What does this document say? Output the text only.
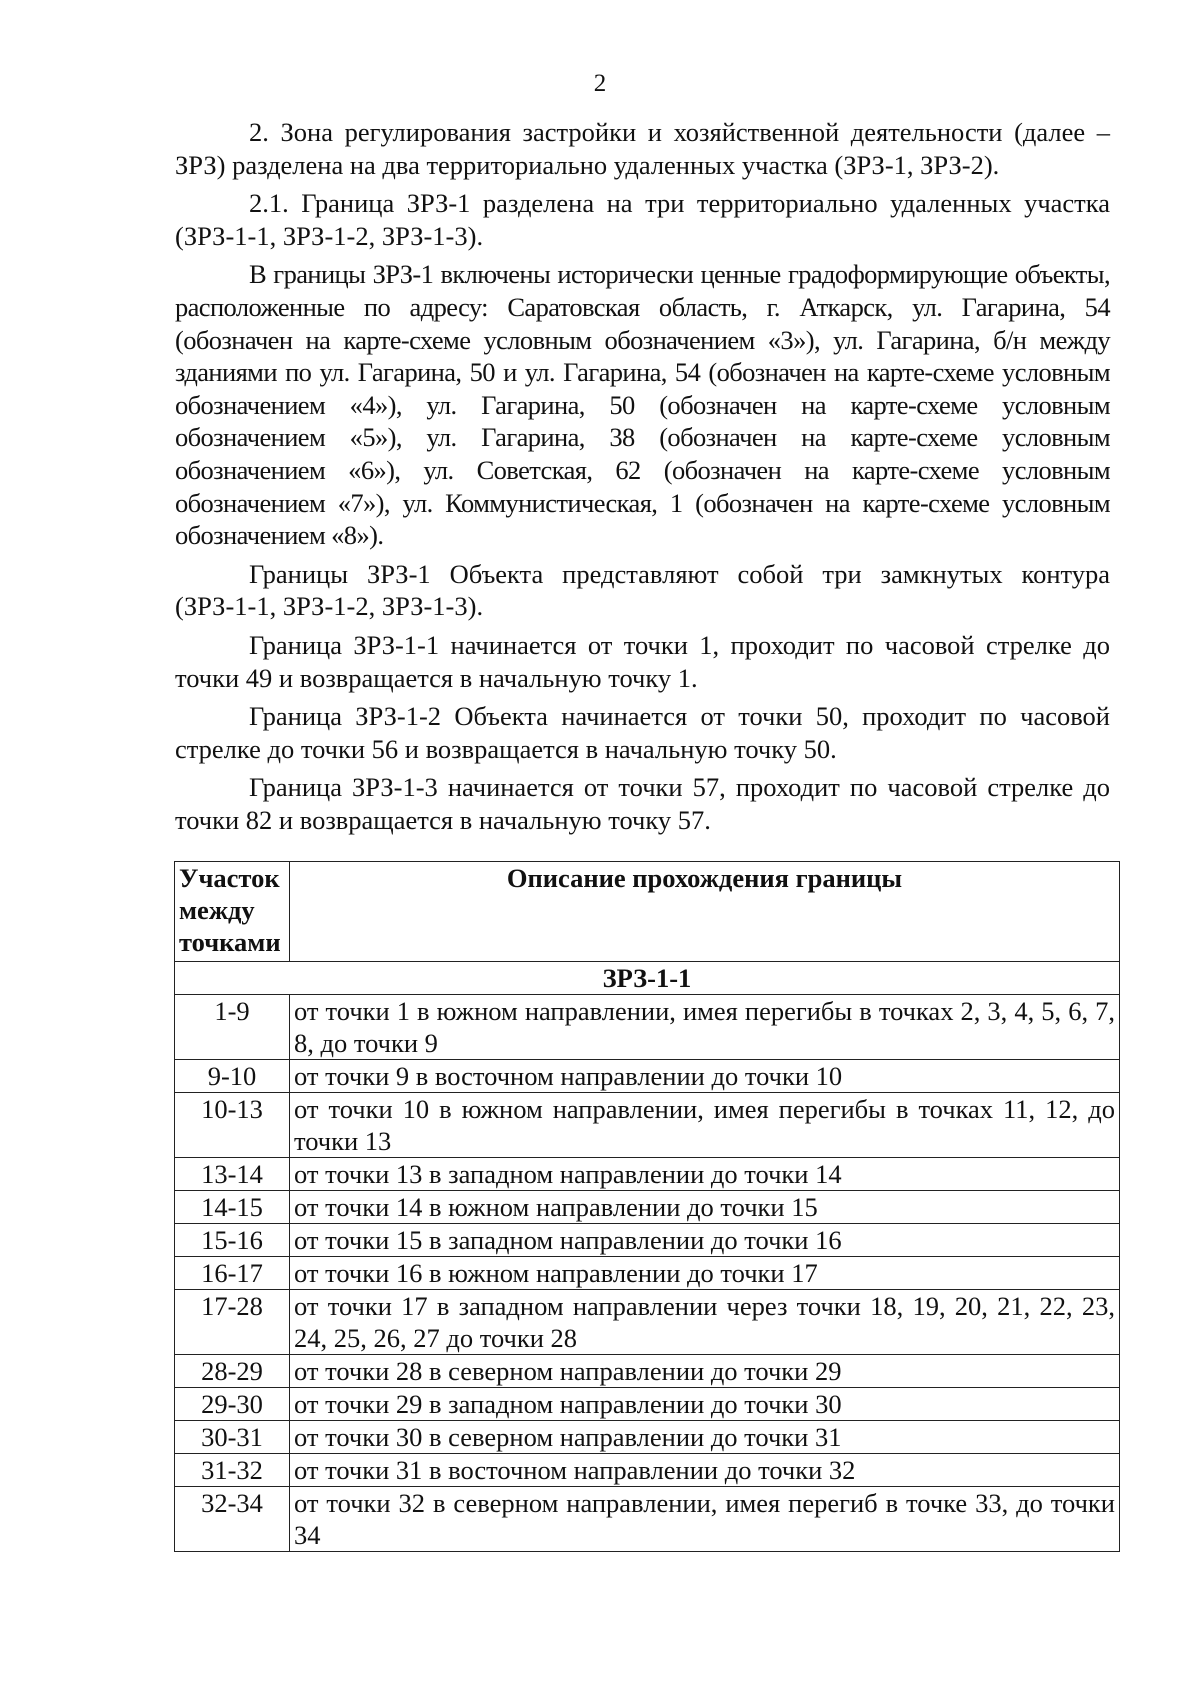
2

2. Зона регулирования застройки и хозяйственной деятельности (далее – ЗРЗ) разделена на два территориально удаленных участка (ЗРЗ-1, ЗРЗ-2).

2.1. Граница ЗРЗ-1 разделена на три территориально удаленных участка (ЗРЗ-1-1, ЗРЗ-1-2, ЗРЗ-1-3).

В границы ЗРЗ-1 включены исторически ценные градоформирующие объекты, расположенные по адресу: Саратовская область, г. Аткарск, ул. Гагарина, 54 (обозначен на карте-схеме условным обозначением «3»), ул. Гагарина, б/н между зданиями по ул. Гагарина, 50 и ул. Гагарина, 54 (обозначен на карте-схеме условным обозначением «4»), ул. Гагарина, 50 (обозначен на карте-схеме условным обозначением «5»), ул. Гагарина, 38 (обозначен на карте-схеме условным обозначением «6»), ул. Советская, 62 (обозначен на карте-схеме условным обозначением «7»), ул. Коммунистическая, 1 (обозначен на карте-схеме условным обозначением «8»).

Границы ЗРЗ-1 Объекта представляют собой три замкнутых контура (ЗРЗ-1-1, ЗРЗ-1-2, ЗРЗ-1-3).

Граница ЗРЗ-1-1 начинается от точки 1, проходит по часовой стрелке до точки 49 и возвращается в начальную точку 1.

Граница ЗРЗ-1-2 Объекта начинается от точки 50, проходит по часовой стрелке до точки 56 и возвращается в начальную точку 50.

Граница ЗРЗ-1-3 начинается от точки 57, проходит по часовой стрелке до точки 82 и возвращается в начальную точку 57.

Участок между точками	Описание прохождения границы
ЗРЗ-1-1	
1-9	от точки 1 в южном направлении, имея перегибы в точках 2, 3, 4, 5, 6, 7, 8, до точки 9
9-10	от точки 9 в восточном направлении до точки 10
10-13	от точки 10 в южном направлении, имея перегибы в точках 11, 12, до точки 13
13-14	от точки 13 в западном направлении до точки 14
14-15	от точки 14 в южном направлении до точки 15
15-16	от точки 15 в западном направлении до точки 16
16-17	от точки 16 в южном направлении до точки 17
17-28	от точки 17 в западном направлении через точки 18, 19, 20, 21, 22, 23, 24, 25, 26, 27 до точки 28
28-29	от точки 28 в северном направлении до точки 29
29-30	от точки 29 в западном направлении до точки 30
30-31	от точки 30 в северном направлении до точки 31
31-32	от точки 31 в восточном направлении до точки 32
32-34	от точки 32 в северном направлении, имея перегиб в точке 33, до точки 34
